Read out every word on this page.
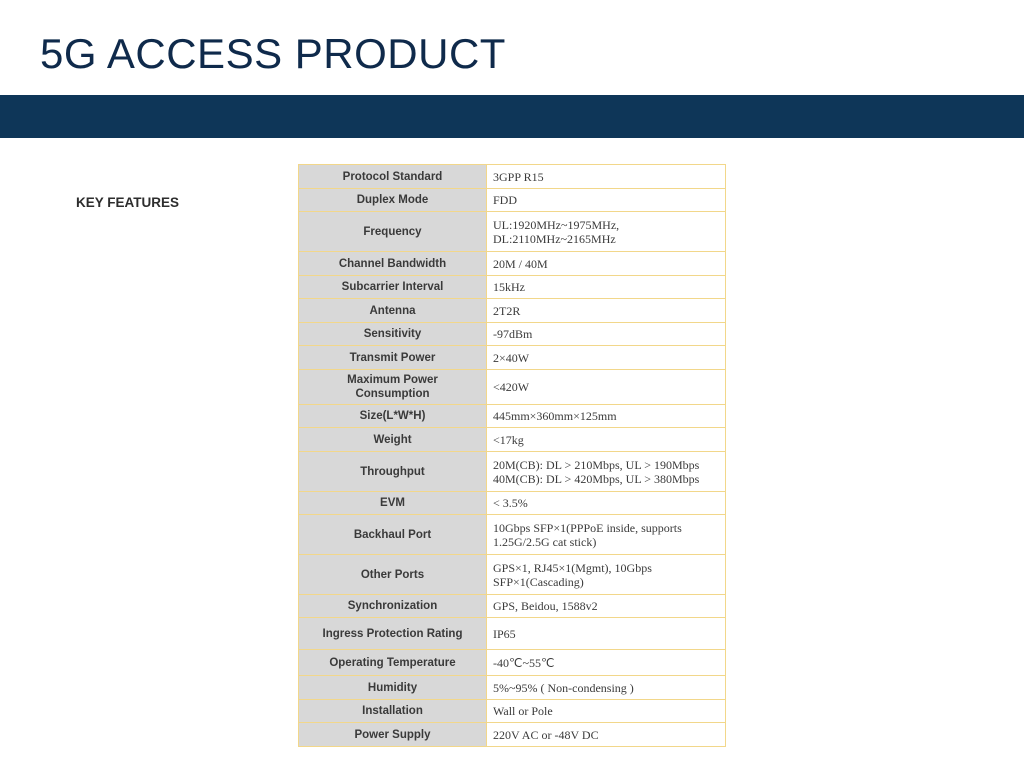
5G ACCESS PRODUCT
KEY FEATURES
Protocol Standard	3GPP R15
Duplex Mode	FDD
Frequency	UL:1920MHz~1975MHz,
DL:2110MHz~2165MHz
Channel Bandwidth	20M / 40M
Subcarrier Interval	15kHz
Antenna	2T2R
Sensitivity	-97dBm
Transmit Power	2×40W
Maximum Power
Consumption	<420W
Size(L*W*H)	445mm×360mm×125mm
Weight	<17kg
Throughput	20M(CB): DL > 210Mbps, UL > 190Mbps
40M(CB): DL > 420Mbps, UL > 380Mbps
EVM	< 3.5%
Backhaul Port	10Gbps SFP×1(PPPoE inside, supports
1.25G/2.5G cat stick)
Other Ports	GPS×1, RJ45×1(Mgmt), 10Gbps
SFP×1(Cascading)
Synchronization	GPS, Beidou, 1588v2
Ingress Protection Rating	IP65
Operating Temperature	-40℃~55℃
Humidity	5%~95% ( Non-condensing )
Installation	Wall or Pole
Power Supply	220V AC or -48V DC
